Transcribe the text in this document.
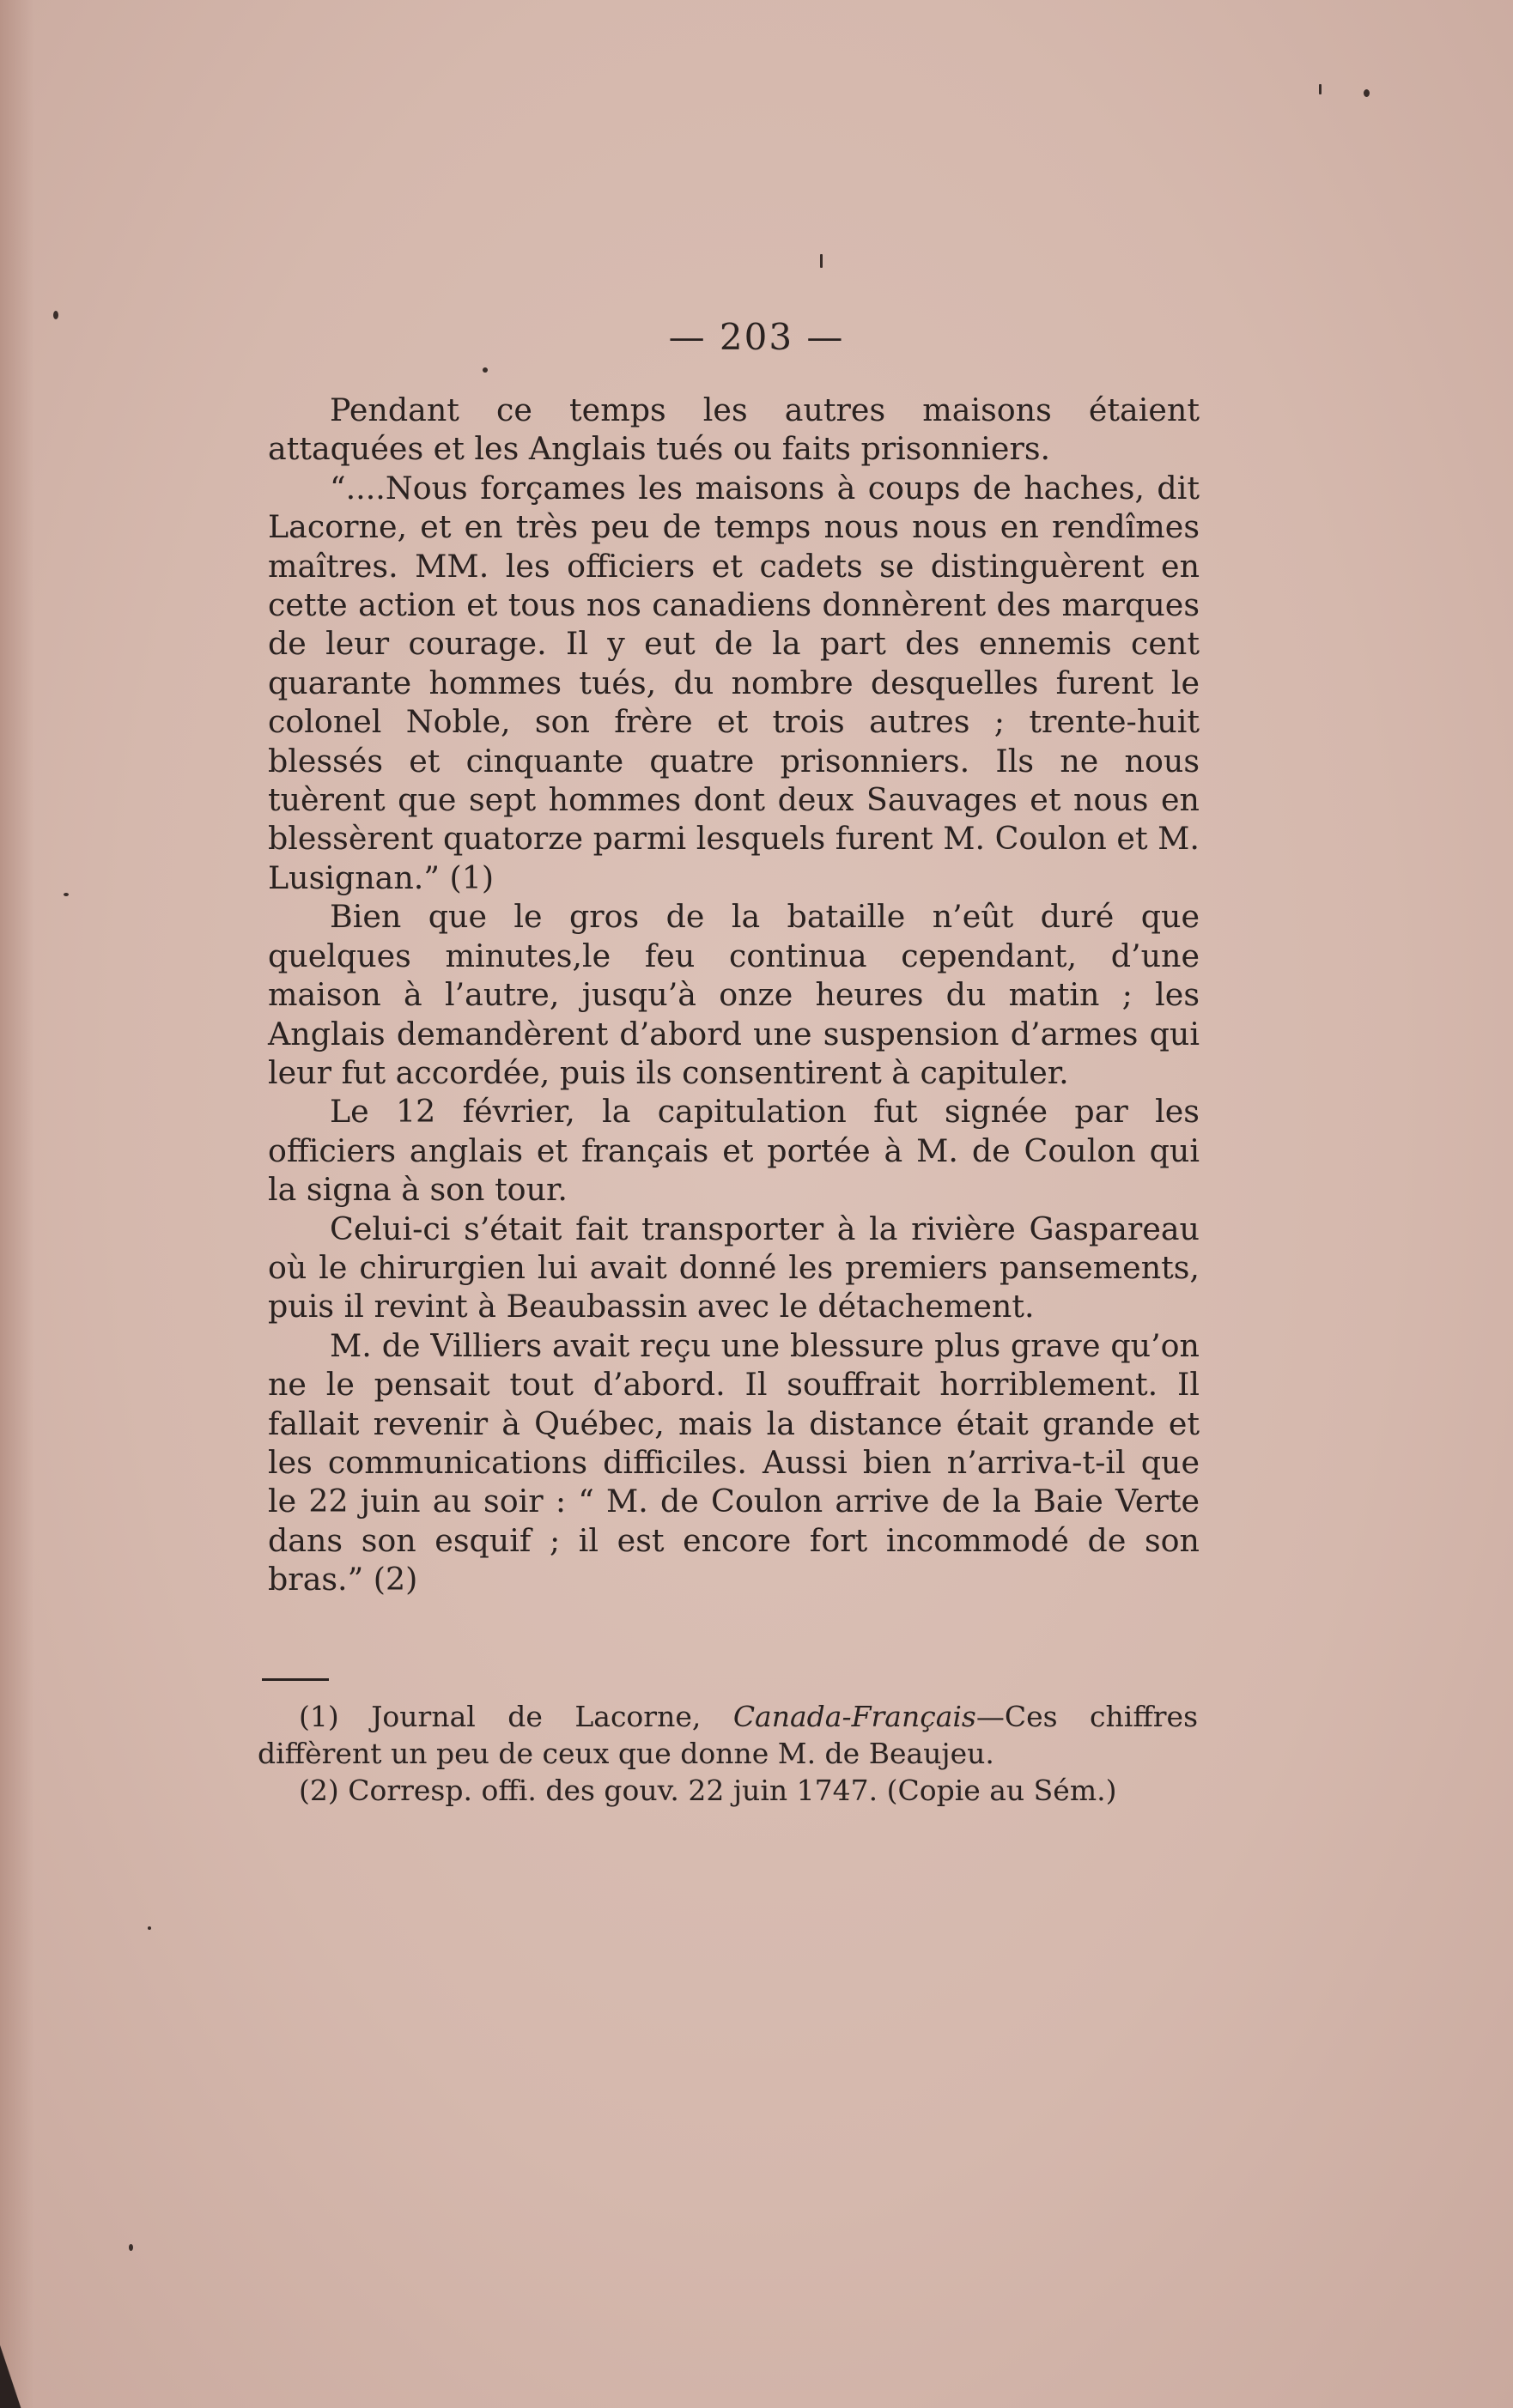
— 203 —

Pendant ce temps les autres maisons étaient attaquées et les Anglais tués ou faits prisonniers.

“....Nous forçames les maisons à coups de haches, dit Lacorne, et en très peu de temps nous nous en rendîmes maîtres. MM. les officiers et cadets se distinguèrent en cette action et tous nos canadiens donnèrent des marques de leur courage. Il y eut de la part des ennemis cent quarante hommes tués, du nombre desquelles furent le colonel Noble, son frère et trois autres ; trente-huit blessés et cinquante quatre prisonniers. Ils ne nous tuèrent que sept hommes dont deux Sauvages et nous en blessèrent quatorze parmi lesquels furent M. Coulon et M. Lusignan.” (1)

Bien que le gros de la bataille n’eût duré que quelques minutes,le feu continua cependant, d’une maison à l’autre, jusqu’à onze heures du matin ; les Anglais demandèrent d’abord une suspension d’armes qui leur fut accordée, puis ils consentirent à capituler.

Le 12 février, la capitulation fut signée par les officiers anglais et français et portée à M. de Coulon qui la signa à son tour.

Celui-ci s’était fait transporter à la rivière Gaspareau où le chirurgien lui avait donné les premiers pansements, puis il revint à Beaubassin avec le détachement.

M. de Villiers avait reçu une blessure plus grave qu’on ne le pensait tout d’abord. Il souffrait horriblement. Il fallait revenir à Québec, mais la distance était grande et les communications difficiles. Aussi bien n’arriva-t-il que le 22 juin au soir : “ M. de Coulon arrive de la Baie Verte dans son esquif ; il est encore fort incommodé de son bras.” (2)

(1) Journal de Lacorne, Canada-Français—Ces chiffres diffèrent un peu de ceux que donne M. de Beaujeu.

(2) Corresp. offi. des gouv. 22 juin 1747. (Copie au Sém.)
